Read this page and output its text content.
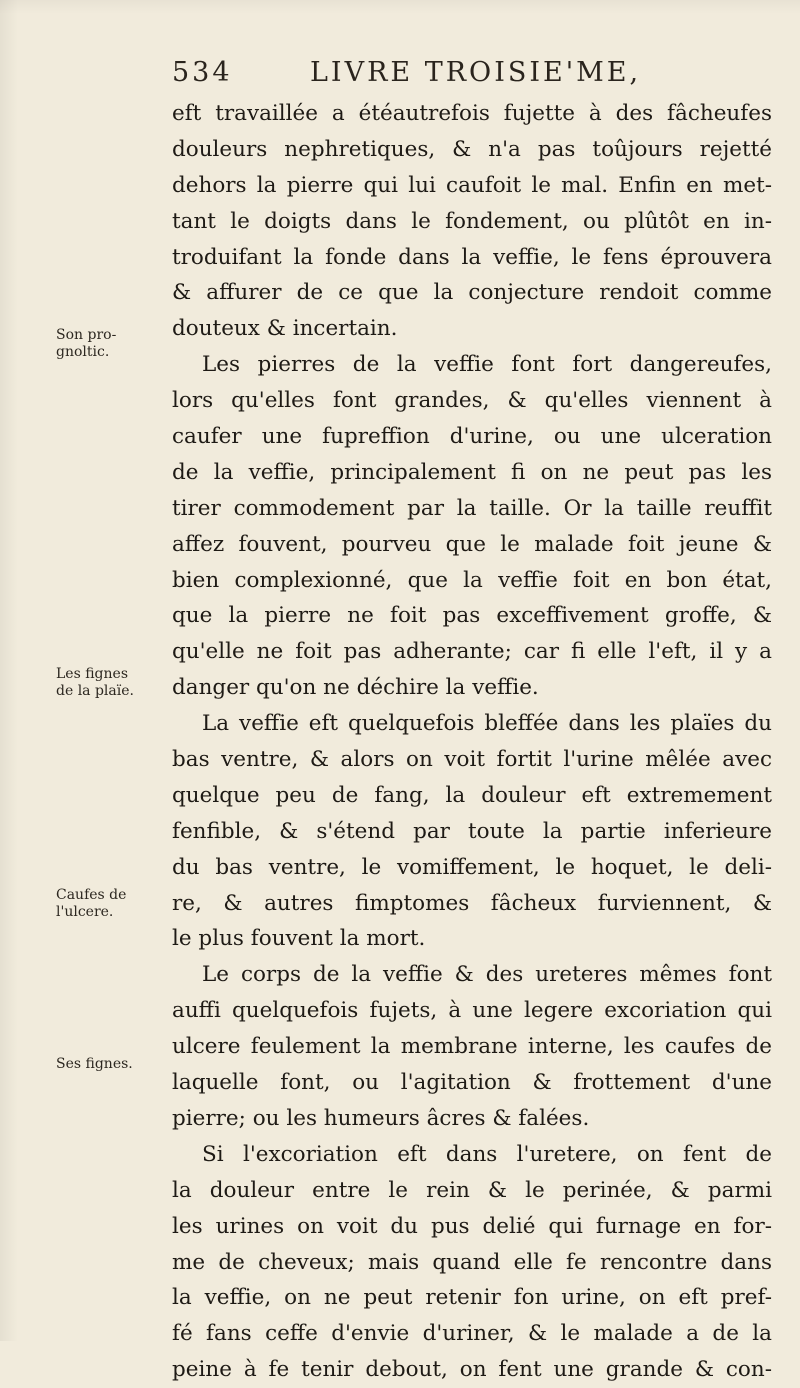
534	LIVRE TROISIE'ME,
Son pro-
gnoltic.
Les fignes
de la plaïe.
Caufes de
l'ulcere.
Ses fignes.
eft travaillée a étéautrefois fujette à des fâcheufes
douleurs nephretiques, & n'a pas toûjours rejetté
dehors la pierre qui lui caufoit le mal. Enfin en met-
tant le doigts dans le fondement, ou plûtôt en in-
troduifant la fonde dans la veffie, le fens éprouvera
& affurer de ce que la conjecture rendoit comme
douteux & incertain.
Les pierres de la veffie font fort dangereufes,
lors qu'elles font grandes, & qu'elles viennent à
caufer une fupreffion d'urine, ou une ulceration
de la veffie, principalement fi on ne peut pas les
tirer commodement par la taille. Or la taille reuffit
affez fouvent, pourveu que le malade foit jeune &
bien complexionné, que la veffie foit en bon état,
que la pierre ne foit pas exceffivement groffe, &
qu'elle ne foit pas adherante; car fi elle l'eft, il y a
danger qu'on ne déchire la veffie.
La veffie eft quelquefois bleffée dans les plaïes du
bas ventre, & alors on voit fortit l'urine mêlée avec
quelque peu de fang, la douleur eft extremement
fenfible, & s'étend par toute la partie inferieure
du bas ventre, le vomiffement, le hoquet, le deli-
re, & autres fimptomes fâcheux furviennent, &
le plus fouvent la mort.
Le corps de la veffie & des ureteres mêmes font
auffi quelquefois fujets, à une legere excoriation qui
ulcere feulement la membrane interne, les caufes de
laquelle font, ou l'agitation & frottement d'une
pierre; ou les humeurs âcres & falées.
Si l'excoriation eft dans l'uretere, on fent de
la douleur entre le rein & le perinée, & parmi
les urines on voit du pus delié qui furnage en for-
me de cheveux; mais quand elle fe rencontre dans
la veffie, on ne peut retenir fon urine, on eft pref-
fé fans ceffe d'envie d'uriner, & le malade a de la
peine à fe tenir debout, on fent une grande & con-
